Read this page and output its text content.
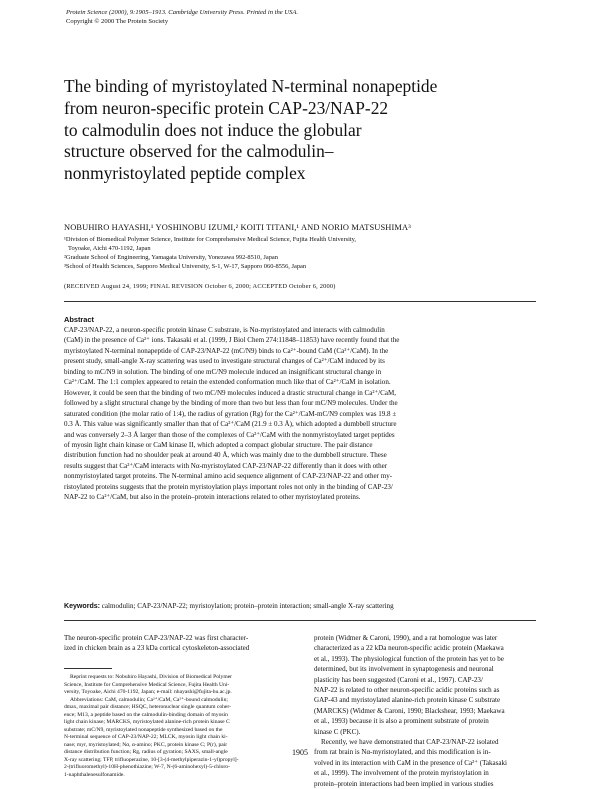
Protein Science (2000), 9:1905–1913. Cambridge University Press. Printed in the USA.
Copyright © 2000 The Protein Society
The binding of myristoylated N-terminal nonapeptide
from neuron-specific protein CAP-23/NAP-22
to calmodulin does not induce the globular
structure observed for the calmodulin–
nonmyristoylated peptide complex
NOBUHIRO HAYASHI,¹ YOSHINOBU IZUMI,² KOITI TITANI,¹ AND NORIO MATSUSHIMA³
¹Division of Biomedical Polymer Science, Institute for Comprehensive Medical Science, Fujita Health University,
Toyoake, Aichi 470-1192, Japan
²Graduate School of Engineering, Yamagata University, Yonezawa 992-8510, Japan
³School of Health Sciences, Sapporo Medical University, S-1, W-17, Sapporo 060-8556, Japan
(RECEIVED August 24, 1999; FINAL REVISION October 6, 2000; ACCEPTED October 6, 2000)
Abstract
CAP-23/NAP-22, a neuron-specific protein kinase C substrate, is Nα-myristoylated and interacts with calmodulin
(CaM) in the presence of Ca²⁺ ions. Takasaki et al. (1999, J Biol Chem 274:11848–11853) have recently found that the
myristoylated N-terminal nonapeptide of CAP-23/NAP-22 (mC/N9) binds to Ca²⁺-bound CaM (Ca²⁺/CaM). In the
present study, small-angle X-ray scattering was used to investigate structural changes of Ca²⁺/CaM induced by its
binding to mC/N9 in solution. The binding of one mC/N9 molecule induced an insignificant structural change in
Ca²⁺/CaM. The 1:1 complex appeared to retain the extended conformation much like that of Ca²⁺/CaM in isolation.
However, it could be seen that the binding of two mC/N9 molecules induced a drastic structural change in Ca²⁺/CaM,
followed by a slight structural change by the binding of more than two but less than four mC/N9 molecules. Under the
saturated condition (the molar ratio of 1:4), the radius of gyration (Rg) for the Ca²⁺/CaM-mC/N9 complex was 19.8 ±
0.3 Å. This value was significantly smaller than that of Ca²⁺/CaM (21.9 ± 0.3 Å), which adopted a dumbbell structure
and was conversely 2–3 Å larger than those of the complexes of Ca²⁺/CaM with the nonmyristoylated target peptides
of myosin light chain kinase or CaM kinase II, which adopted a compact globular structure. The pair distance
distribution function had no shoulder peak at around 40 Å, which was mainly due to the dumbbell structure. These
results suggest that Ca²⁺/CaM interacts with Nα-myristoylated CAP-23/NAP-22 differently than it does with other
nonmyristoylated target proteins. The N-terminal amino acid sequence alignment of CAP-23/NAP-22 and other my-
ristoylated proteins suggests that the protein myristoylation plays important roles not only in the binding of CAP-23/
NAP-22 to Ca²⁺/CaM, but also in the protein–protein interactions related to other myristoylated proteins.
Keywords: calmodulin; CAP-23/NAP-22; myristoylation; protein–protein interaction; small-angle X-ray scattering
The neuron-specific protein CAP-23/NAP-22 was first character-
ized in chicken brain as a 23 kDa cortical cytoskeleton-associated
Reprint requests to: Nobuhiro Hayashi, Division of Biomedical Polymer
Science, Institute for Comprehensive Medical Science, Fujita Health Uni-
versity, Toyoake, Aichi 470-1192, Japan; e-mail: nhayashi@fujita-hu.ac.jp.
Abbreviations: CaM, calmodulin; Ca²⁺/CaM, Ca²⁺-bound calmodulin;
dmax, maximal pair distance; HSQC, heteronuclear single quantum coher-
ence; M13, a peptide based on the calmodulin-binding domain of myosin
light chain kinase; MARCKS, myristoylated alanine-rich protein kinase C
substrate; mC/N9, myristoylated nonapeptide synthesized based on the
N-terminal sequence of CAP-23/NAP-22; MLCK, myosin light chain ki-
nase; myr, myristoylated; Nα, α-amino; PKC, protein kinase C; P(r), pair
distance distribution function; Rg, radius of gyration; SAXS, small-angle
X-ray scattering; TFP, trifluoperazine, 10-[3-(4-methylpiperazin-1-yl)propyl]-
2-(trifluoromethyl)-10H-phenothiazine; W-7, N-(6-aminohexyl)-5-chloro-
1-naphthalenesulfonamide.
protein (Widmer & Caroni, 1990), and a rat homologue was later
characterized as a 22 kDa neuron-specific acidic protein (Maekawa
et al., 1993). The physiological function of the protein has yet to be
determined, but its involvement in synaptogenesis and neuronal
plasticity has been suggested (Caroni et al., 1997). CAP-23/
NAP-22 is related to other neuron-specific acidic proteins such as
GAP-43 and myristoylated alanine-rich protein kinase C substrate
(MARCKS) (Widmer & Caroni, 1990; Blackshear, 1993; Maekawa
et al., 1993) because it is also a prominent substrate of protein
kinase C (PKC).
Recently, we have demonstrated that CAP-23/NAP-22 isolated
from rat brain is Nα-myristoylated, and this modification is in-
volved in its interaction with CaM in the presence of Ca²⁺ (Takasaki
et al., 1999). The involvement of the protein myristoylation in
protein–protein interactions had been implied in various studies
1905
